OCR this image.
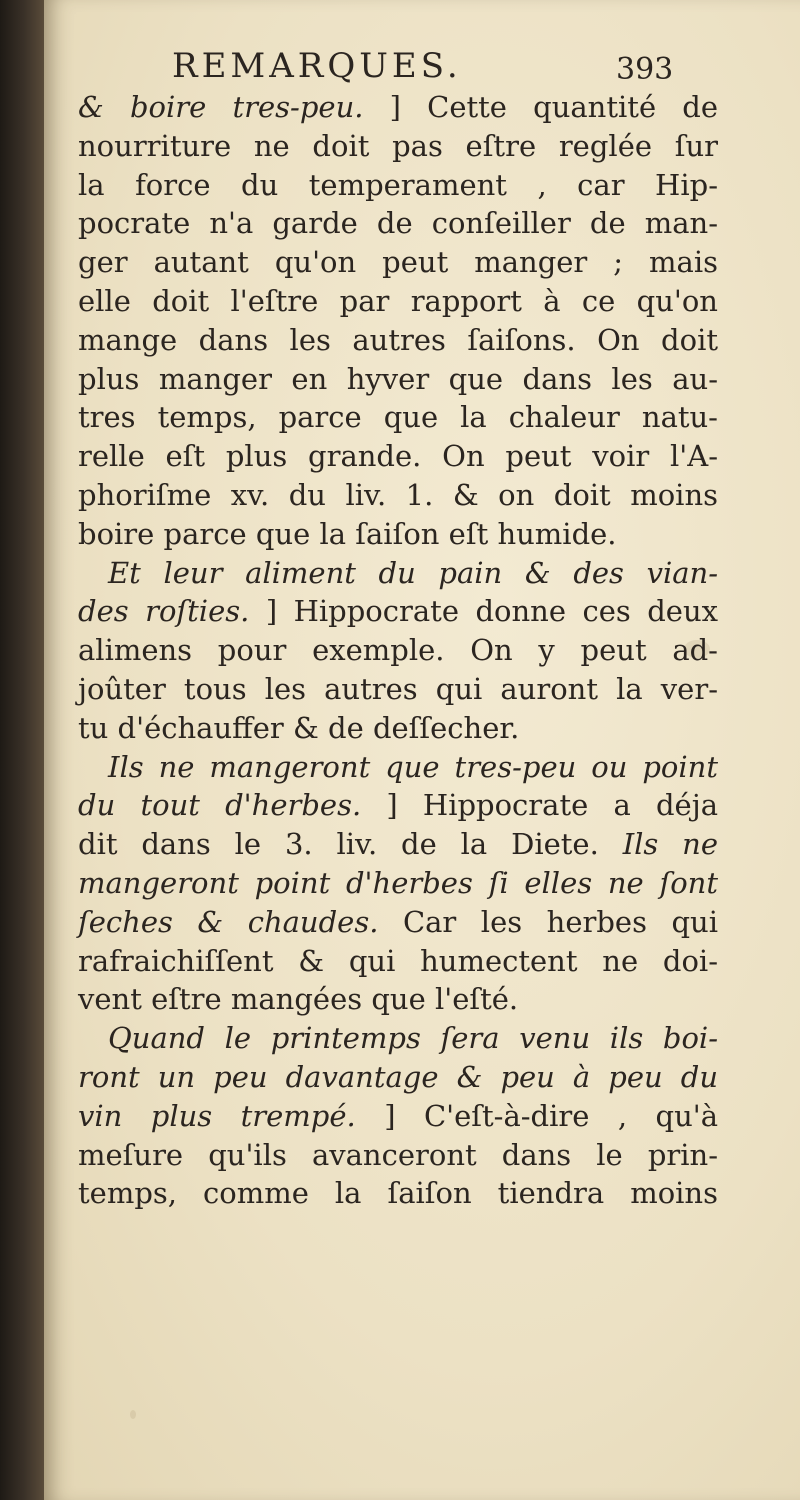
REMARQUES.	393
& boire tres-peu. ] Cette quantité de
nourriture ne doit pas eſtre reglée ſur
la force du temperament , car Hip-
pocrate n'a garde de conſeiller de man-
ger autant qu'on peut manger ; mais
elle doit l'eſtre par rapport à ce qu'on
mange dans les autres ſaiſons. On doit
plus manger en hyver que dans les au-
tres temps, parce que la chaleur natu-
relle eſt plus grande. On peut voir l'A-
phoriſme xv. du liv. 1. & on doit moins
boire parce que la ſaiſon eſt humide.
Et leur aliment du pain & des vian-
des roſties. ] Hippocrate donne ces deux
alimens pour exemple. On y peut ad-
joûter tous les autres qui auront la ver-
tu d'échauffer & de deſſecher.
Ils ne mangeront que tres-peu ou point
du tout d'herbes. ] Hippocrate a déja
dit dans le 3. liv. de la Diete. Ils ne
mangeront point d'herbes ſi elles ne ſont
ſeches & chaudes. Car les herbes qui
rafraichiſſent & qui humectent ne doi-
vent eſtre mangées que l'eſté.
Quand le printemps ſera venu ils boi-
ront un peu davantage & peu à peu du
vin plus trempé. ] C'eſt-à-dire , qu'à
meſure qu'ils avanceront dans le prin-
temps, comme la ſaiſon tiendra moins
